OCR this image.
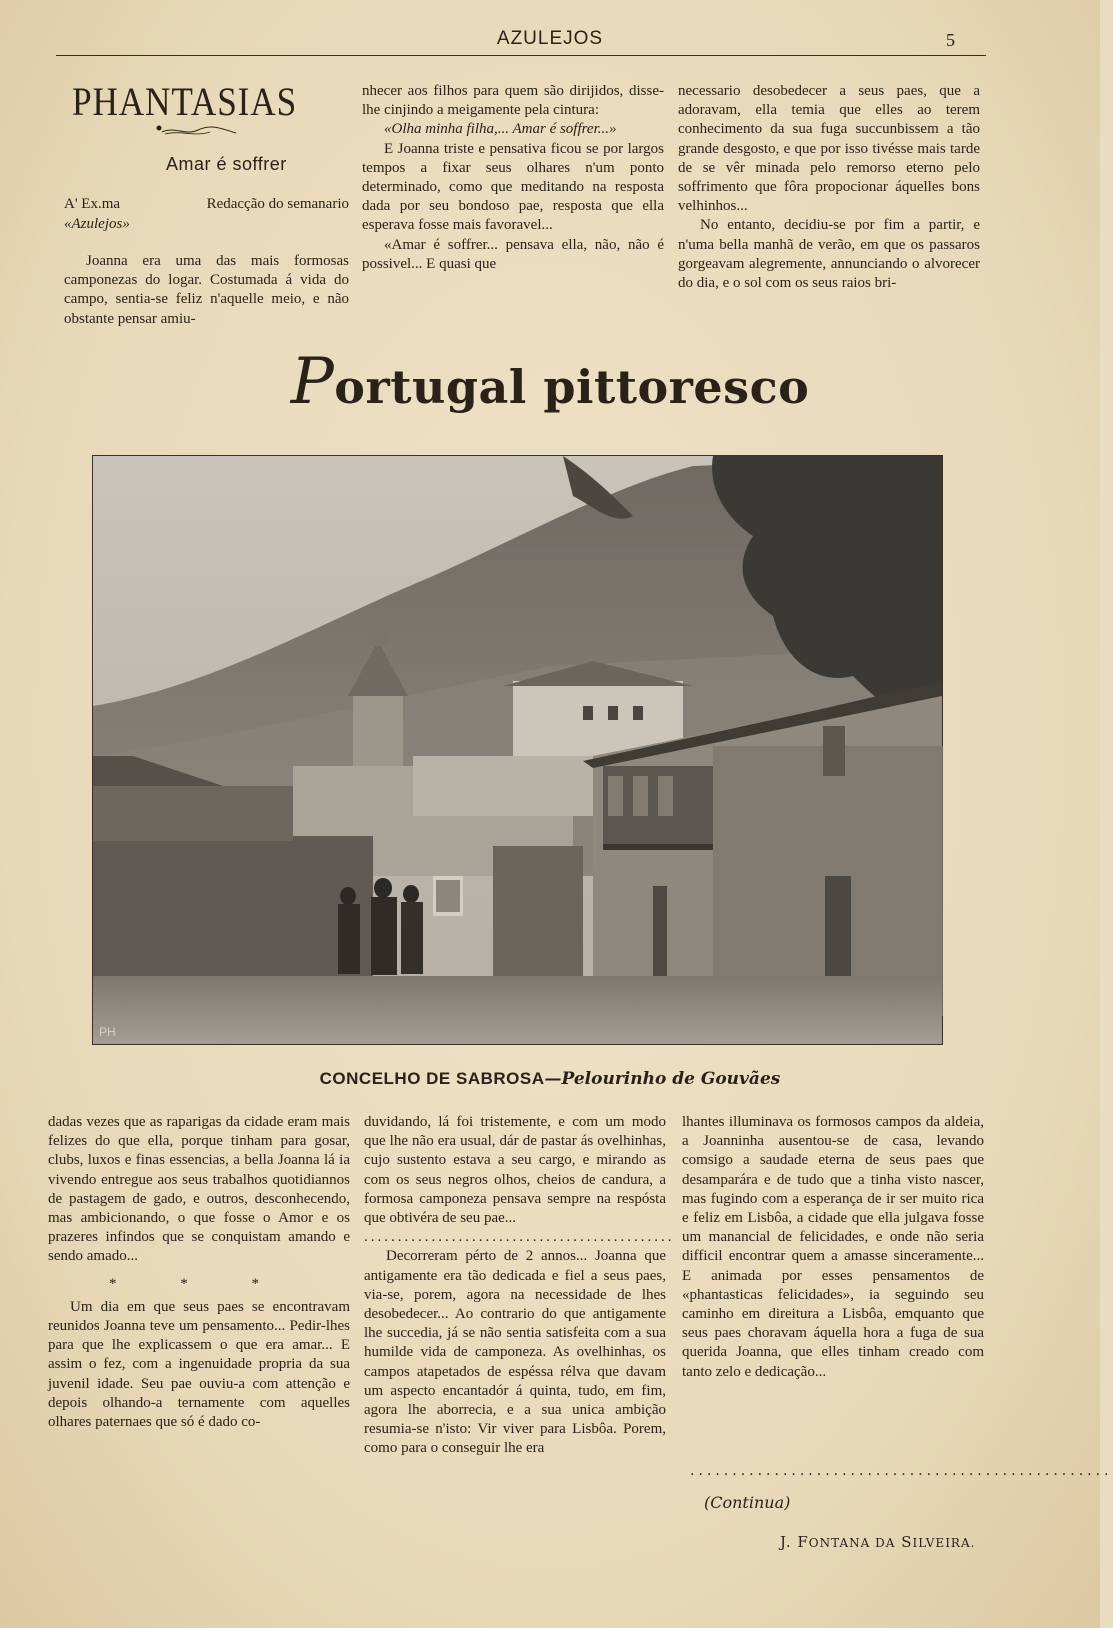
AZULEJOS	5
PHANTASIAS
Amar é soffrer
A' Ex.ma	Redacção do semanario
«Azulejos»

Joanna era uma das mais formosas camponezas do logar. Costumada á vida do campo, sentia-se feliz n'aquelle meio, e não obstante pensar amiu-

nhecer aos filhos para quem são dirijidos, disse-lhe cinjindo a meigamente pela cintura:

«Olha minha filha,... Amar é soffrer...»

E Joanna triste e pensativa ficou se por largos tempos a fixar seus olhares n'um ponto determinado, como que meditando na resposta dada por seu bondoso pae, resposta que ella esperava fosse mais favoravel...

«Amar é soffrer... pensava ella, não, não é possivel... E quasi que

necessario desobedecer a seus paes, que a adoravam, ella temia que elles ao terem conhecimento da sua fuga succunbissem a tão grande desgosto, e que por isso tivésse mais tarde de se vêr minada pelo remorso eterno pelo soffrimento que fôra propocionar áquelles bons velhinhos...

No entanto, decidiu-se por fim a partir, e n'uma bella manhã de verão, em que os passaros gorgeavam alegremente, annunciando o alvorecer do dia, e o sol com os seus raios bri-

Portugal pittoresco
PH
CONCELHO DE SABROSA—Pelourinho de Gouvães

dadas vezes que as raparigas da cidade eram mais felizes do que ella, porque tinham para gosar, clubs, luxos e finas essencias, a bella Joanna lá ia vivendo entregue aos seus trabalhos quotidiannos de pastagem de gado, e outros, desconhecendo, mas ambicionando, o que fosse o Amor e os prazeres infindos que se conquistam amando e sendo amado...

* * *

Um dia em que seus paes se encontravam reunidos Joanna teve um pensamento... Pedir-lhes para que lhe explicassem o que era amar... E assim o fez, com a ingenuidade propria da sua juvenil idade. Seu pae ouviu-a com attenção e depois olhando-a ternamente com aquelles olhares paternaes que só é dado co-

duvidando, lá foi tristemente, e com um modo que lhe não era usual, dár de pastar ás ovelhinhas, cujo sustento estava a seu cargo, e mirando as com os seus negros olhos, cheios de candura, a formosa camponeza pensava sempre na respósta que obtivéra de seu pae...

..............................................

Decorreram pérto de 2 annos... Joanna que antigamente era tão dedicada e fiel a seus paes, via-se, porem, agora na necessidade de lhes desobedecer... Ao contrario do que antigamente lhe succedia, já se não sentia satisfeita com a sua humilde vida de camponeza. As ovelhinhas, os campos atapetados de espéssa rélva que davam um aspecto encantadór á quinta, tudo, em fim, agora lhe aborrecia, e a sua unica ambição resumia-se n'isto: Vir viver para Lisbôa. Porem, como para o conseguir lhe era

lhantes illuminava os formosos campos da aldeia, a Joanninha ausentou-se de casa, levando comsigo a saudade eterna de seus paes que desamparára e de tudo que a tinha visto nascer, mas fugindo com a esperança de ir ser muito rica e feliz em Lisbôa, a cidade que ella julgava fosse um manancial de felicidades, e onde não seria difficil encontrar quem a amasse sinceramente... E animada por esses pensamentos de «phantasticas felicidades», ia seguindo seu caminho em direitura a Lisbôa, emquanto que seus paes choravam áquella hora a fuga de sua querida Joanna, que elles tinham creado com tanto zelo e dedicação...

..................................................
(Continua)
J. FONTANA DA SILVEIRA.
